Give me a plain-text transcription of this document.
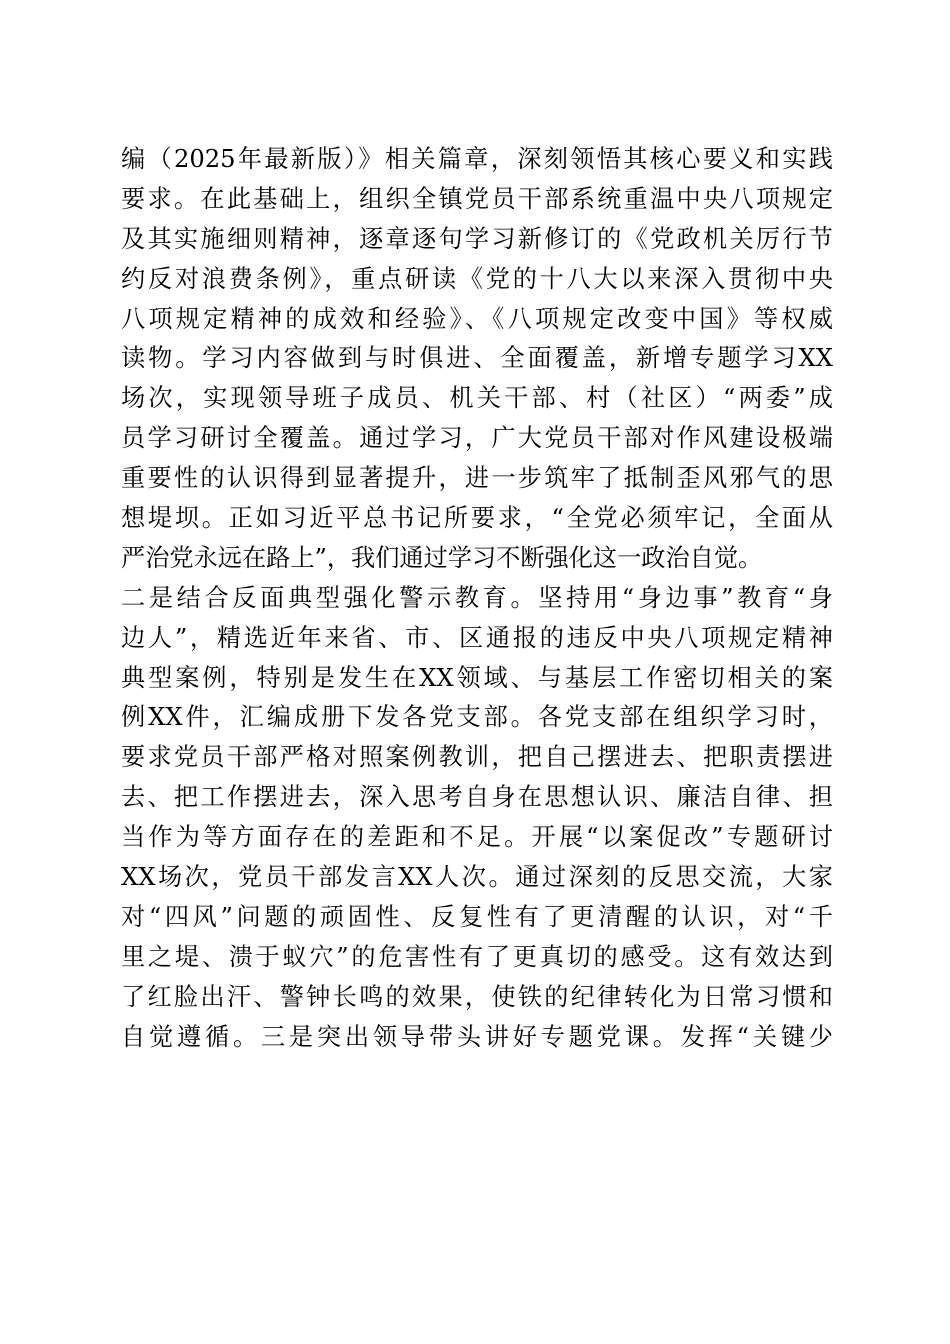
编（2025年最新版）》相关篇章，深刻领悟其核心要义和实践
要求。在此基础上，组织全镇党员干部系统重温中央八项规定
及其实施细则精神，逐章逐句学习新修订的《党政机关厉行节
约反对浪费条例》，重点研读《党的十八大以来深入贯彻中央
八项规定精神的成效和经验》、《八项规定改变中国》等权威
读物。学习内容做到与时俱进、全面覆盖，新增专题学习XX
场次，实现领导班子成员、机关干部、村（社区）“两委”成
员学习研讨全覆盖。通过学习，广大党员干部对作风建设极端
重要性的认识得到显著提升，进一步筑牢了抵制歪风邪气的思
想堤坝。正如习近平总书记所要求，“全党必须牢记，全面从
严治党永远在路上”，我们通过学习不断强化这一政治自觉。
二是结合反面典型强化警示教育。坚持用“身边事”教育“身
边人”，精选近年来省、市、区通报的违反中央八项规定精神
典型案例，特别是发生在XX领域、与基层工作密切相关的案
例XX件，汇编成册下发各党支部。各党支部在组织学习时，
要求党员干部严格对照案例教训，把自己摆进去、把职责摆进
去、把工作摆进去，深入思考自身在思想认识、廉洁自律、担
当作为等方面存在的差距和不足。开展“以案促改”专题研讨
XX场次，党员干部发言XX人次。通过深刻的反思交流，大家
对“四风”问题的顽固性、反复性有了更清醒的认识，对“千
里之堤、溃于蚁穴”的危害性有了更真切的感受。这有效达到
了红脸出汗、警钟长鸣的效果，使铁的纪律转化为日常习惯和
自觉遵循。三是突出领导带头讲好专题党课。发挥“关键少
